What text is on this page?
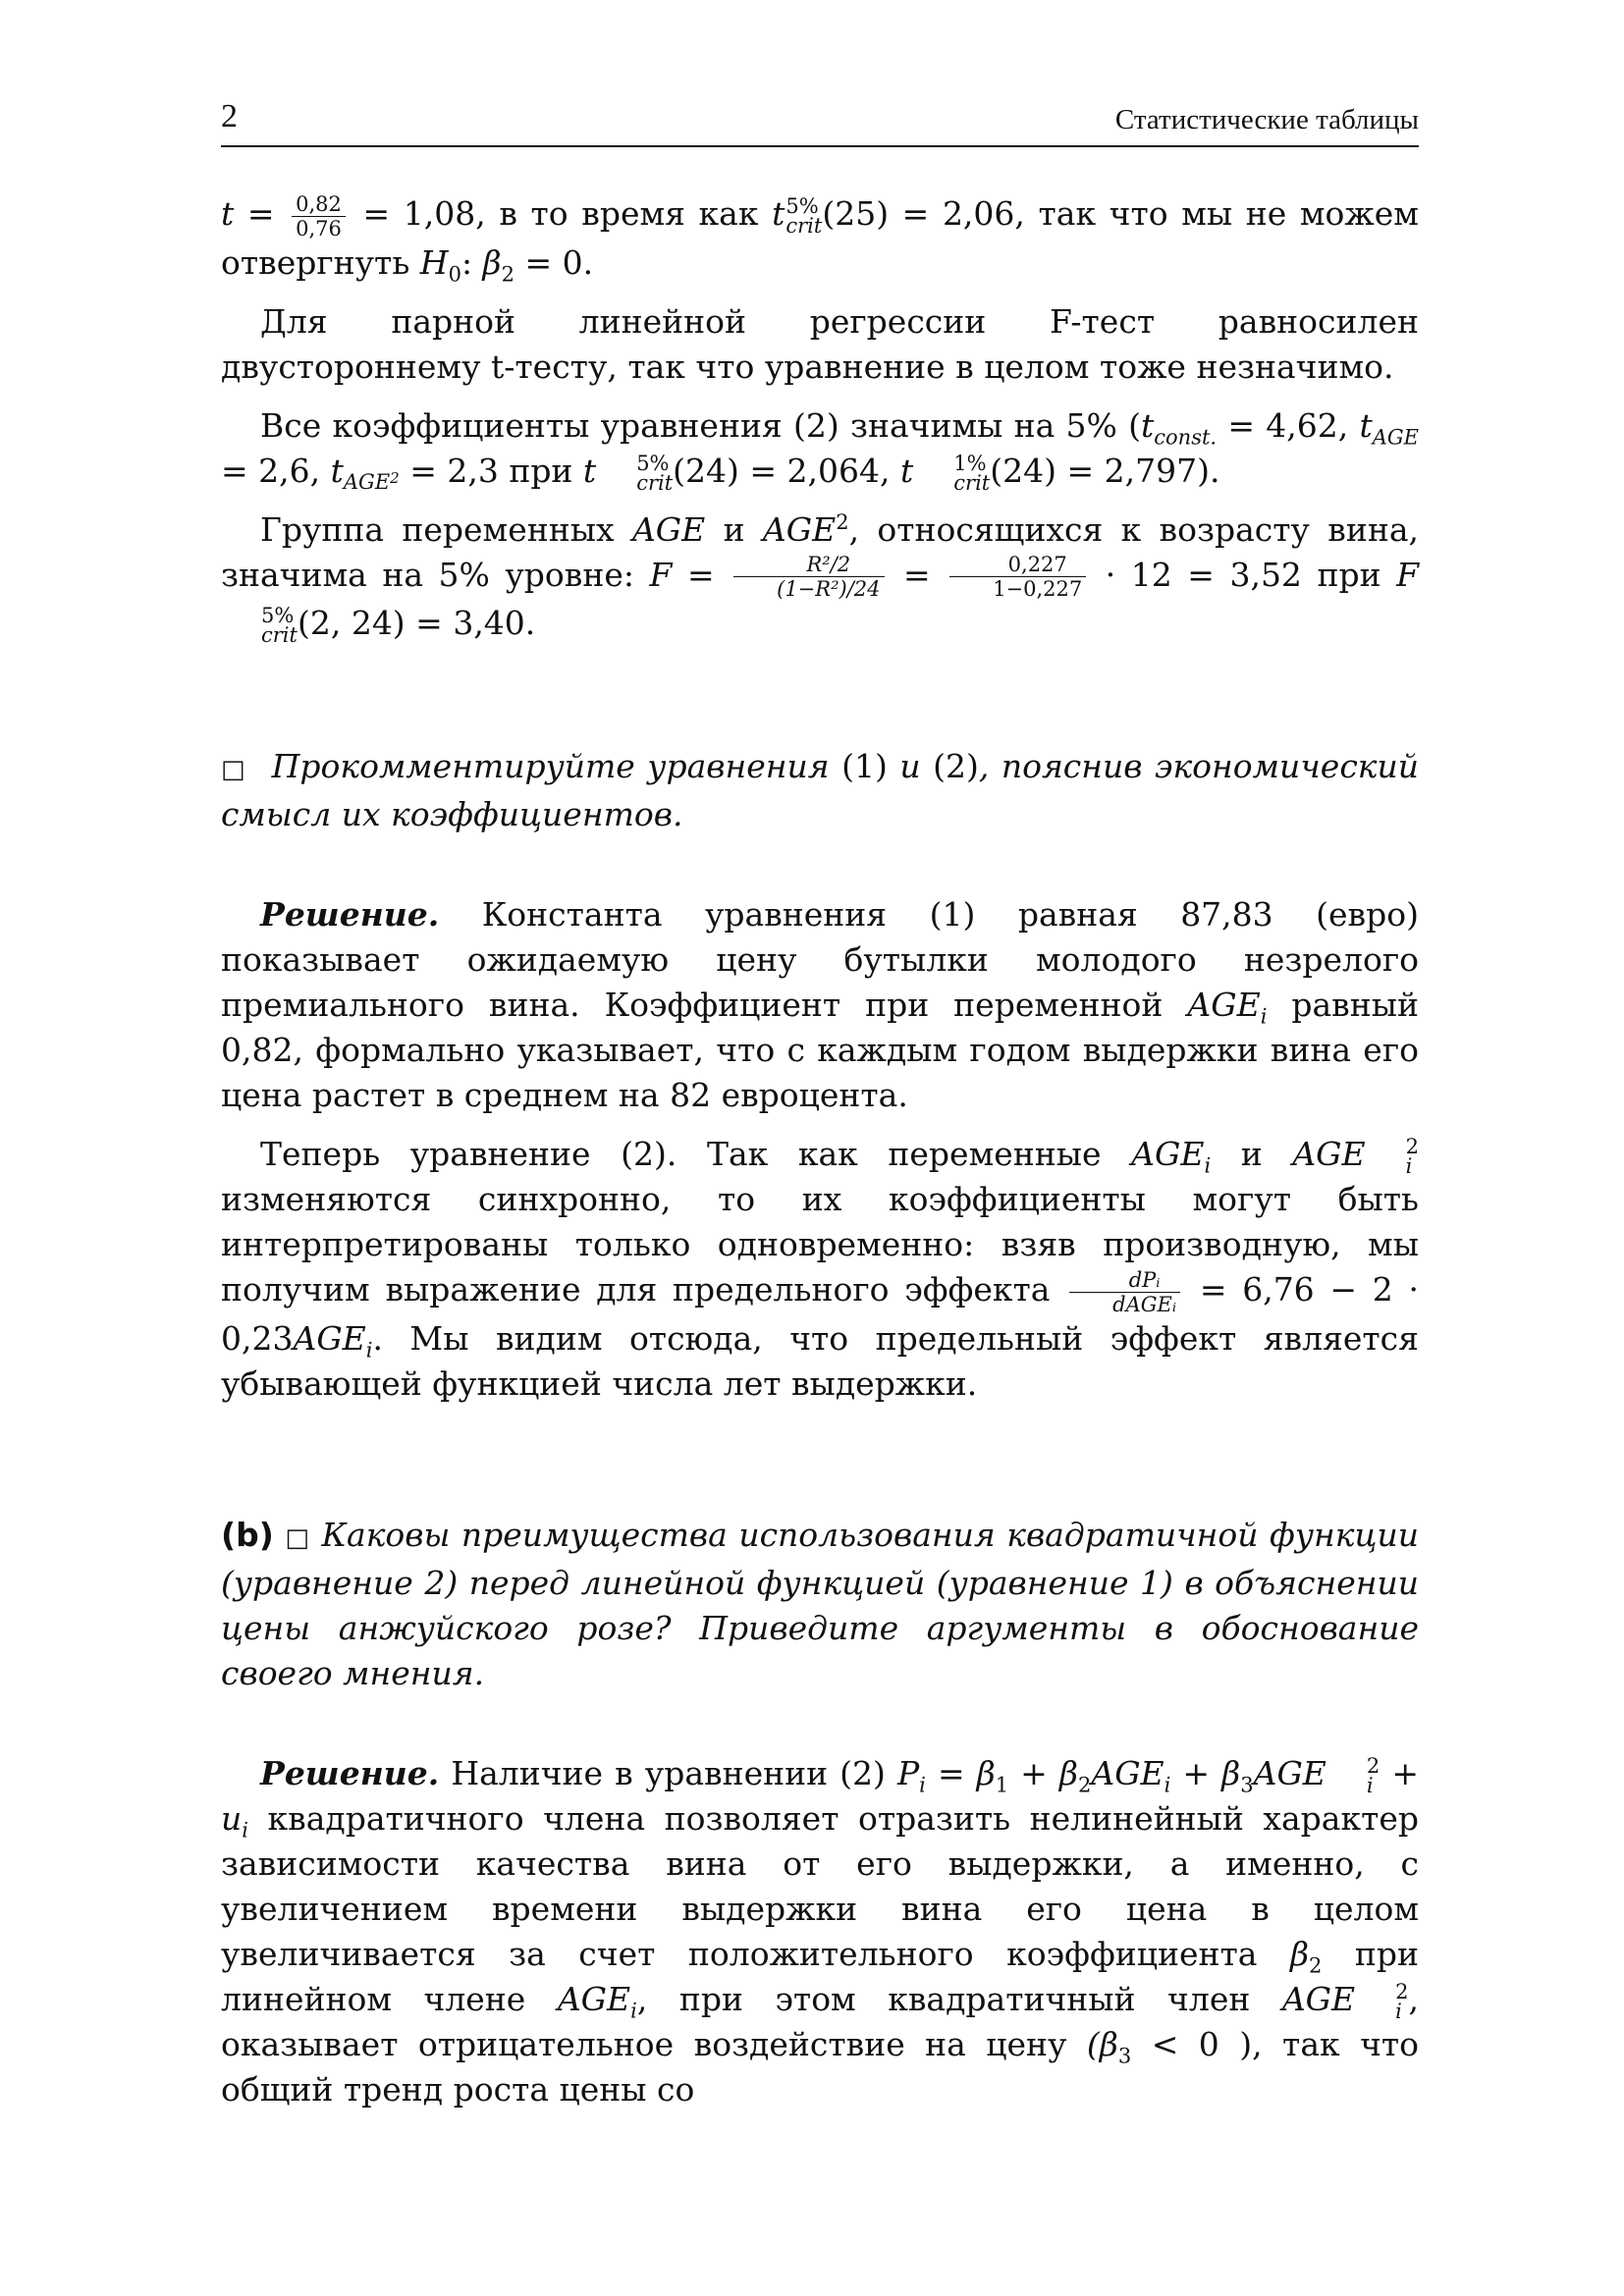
2	Статистические таблицы

$t = \frac{0,82}{0,76} = 1,08$, в то время как t 5%
crit (25) = 2,06, так что мы не можем отвергнуть $H_0$: $\beta_2 = 0$.

Для парной линейной регрессии F-тест равносилен двустороннему t-тесту, так что уравнение в целом тоже незначимо.

Все коэффициенты уравнения (2) значимы на 5% ($t_{const.} = 4,62$, $t_{AGE} = 2,6$, $t_{AGE^2} = 2,3$ при t	5%
crit (24) = 2,064, t	1%
crit (24) = 2,797).

Группа переменных AGE и AGE$^2$, относящихся к возрасту вина, значима на 5% уровне: $F = \frac{\text{R²/2}}{\text{(1−R²)/24}} = \frac{0,227}{1-0,227} \cdot 12 = 3,52$ при F
5%
crit (2, 24) = 3,40.

□ Прокомментируйте уравнения (1) и (2), пояснив экономический смысл их коэффициентов.

Решение. Константа уравнения (1) равная 87,83 (евро) показывает ожидаемую цену бутылки молодого незрелого премиального вина. Коэффициент при переменной $AGE_i$ равный 0,82, формально указывает, что с каждым годом выдержки вина его цена растет в среднем на 82 евроцента.

Теперь уравнение (2). Так как переменные $AGE_i$ и AGE	2
i
изменяются синхронно, то их коэффициенты могут быть интерпретированы только одновременно: взяв производную, мы получим выражение для предельного эффекта $\frac{\text{dPᵢ}}{\text{dAGEᵢ}} = 6,76 - 2 \cdot 0,23AGE_i$. Мы видим отсюда, что предельный эффект является убывающей функцией числа лет выдержки.

(b) □ Каковы преимущества использования квадратичной функции (уравнение 2) перед линейной функцией (уравнение 1) в объяснении цены анжуйского розе? Приведите аргументы в обоснование своего мнения.

Решение. Наличие в уравнении (2) $P_i = \beta_1 + \beta_2AGE_i + \beta_3AGE$	2
$i + u_i$ квадратичного члена позволяет отразить нелинейный характер зависимости качества вина от его выдержки, а именно, с увеличением времени выдержки вина его цена в целом увеличивается за счет положительного коэффициента $\beta_2$ при линейном члене $AGE_i$, при этом квадратичный член AGE	2
i , оказывает отрицательное воздействие на цену ($\beta_3 < 0$ ), так что общий тренд роста цены со
